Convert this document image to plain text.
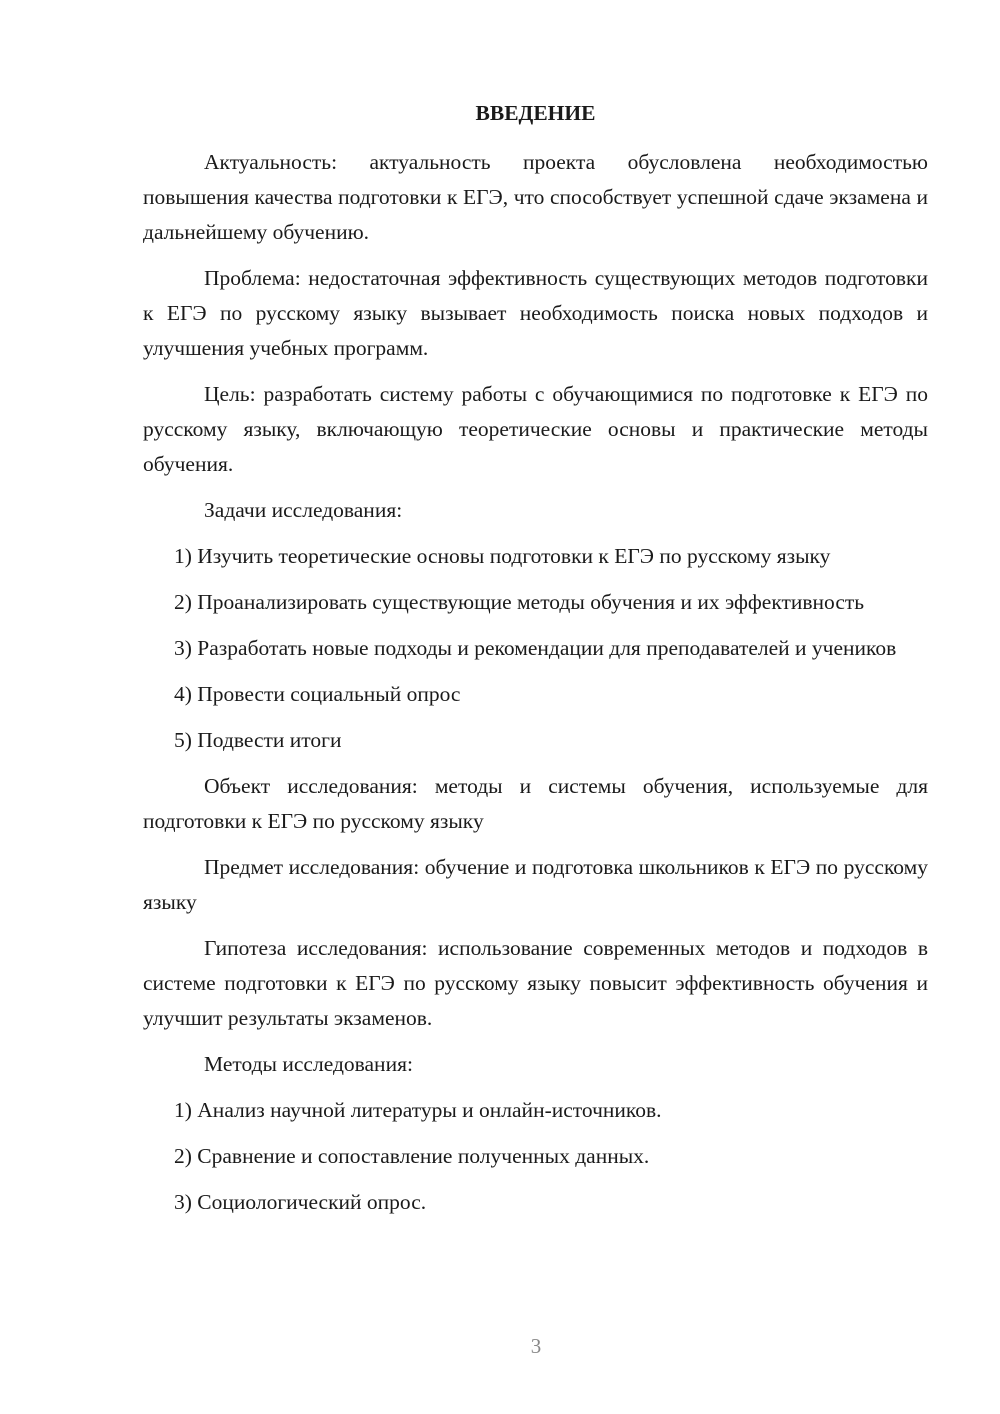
ВВЕДЕНИЕ

Актуальность: актуальность проекта обусловлена необходимостью повышения качества подготовки к ЕГЭ, что способствует успешной сдаче экзамена и дальнейшему обучению.

Проблема: недостаточная эффективность существующих методов подготовки к ЕГЭ по русскому языку вызывает необходимость поиска новых подходов и улучшения учебных программ.

Цель: разработать систему работы с обучающимися по подготовке к ЕГЭ по русскому языку, включающую теоретические основы и практические методы обучения.

Задачи исследования:

1) Изучить теоретические основы подготовки к ЕГЭ по русскому языку

2) Проанализировать существующие методы обучения и их эффективность

3) Разработать новые подходы и рекомендации для преподавателей и учеников

4) Провести социальный опрос

5) Подвести итоги

Объект исследования: методы и системы обучения, используемые для подготовки к ЕГЭ по русскому языку

Предмет исследования: обучение и подготовка школьников к ЕГЭ по русскому языку

Гипотеза исследования: использование современных методов и подходов в системе подготовки к ЕГЭ по русскому языку повысит эффективность обучения и улучшит результаты экзаменов.

Методы исследования:

1) Анализ научной литературы и онлайн-источников.

2) Сравнение и сопоставление полученных данных.

3) Социологический опрос.

3
